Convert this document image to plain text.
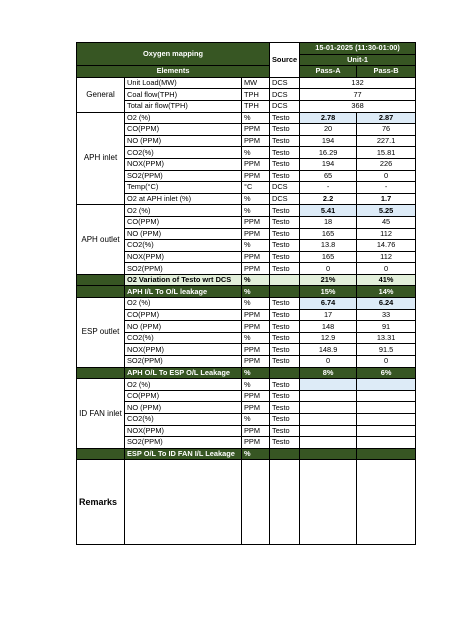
Oxygen mapping			Source	15-01-2025 (11:30-01:00)	
				Unit-1	
Elements				Pass-A	Pass-B
General	Unit Load(MW)	MW	DCS	132	
	Coal flow(TPH)	TPH	DCS	77	
	Total air flow(TPH)	TPH	DCS	368	
APH inlet	O2 (%)	%	Testo	2.78	2.87
	CO(PPM)	PPM	Testo	20	76
	NO (PPM)	PPM	Testo	194	227.1
	CO2(%)	%	Testo	16.29	15.81
	NOX(PPM)	PPM	Testo	194	226
	SO2(PPM)	PPM	Testo	65	0
	Temp(°C)	°C	DCS	-	-
	O2 at APH inlet (%)	%	DCS	2.2	1.7
APH outlet	O2 (%)	%	Testo	5.41	5.25
	CO(PPM)	PPM	Testo	18	45
	NO (PPM)	PPM	Testo	165	112
	CO2(%)	%	Testo	13.8	14.76
	NOX(PPM)	PPM	Testo	165	112
	SO2(PPM)	PPM	Testo	0	0
	O2 Variation of Testo wrt DCS	%		21%	41%
	APH I/L To O/L leakage	%		15%	14%
ESP outlet	O2 (%)	%	Testo	6.74	6.24
	CO(PPM)	PPM	Testo	17	33
	NO (PPM)	PPM	Testo	148	91
	CO2(%)	%	Testo	12.9	13.31
	NOX(PPM)	PPM	Testo	148.9	91.5
	SO2(PPM)	PPM	Testo	0	0
	APH O/L To ESP O/L Leakage	%		8%	6%
ID FAN inlet	O2 (%)	%	Testo		
	CO(PPM)	PPM	Testo		
	NO (PPM)	PPM	Testo		
	CO2(%)	%	Testo		
	NOX(PPM)	PPM	Testo		
	SO2(PPM)	PPM	Testo		
	ESP O/L To ID FAN I/L Leakage	%			
Remarks					
